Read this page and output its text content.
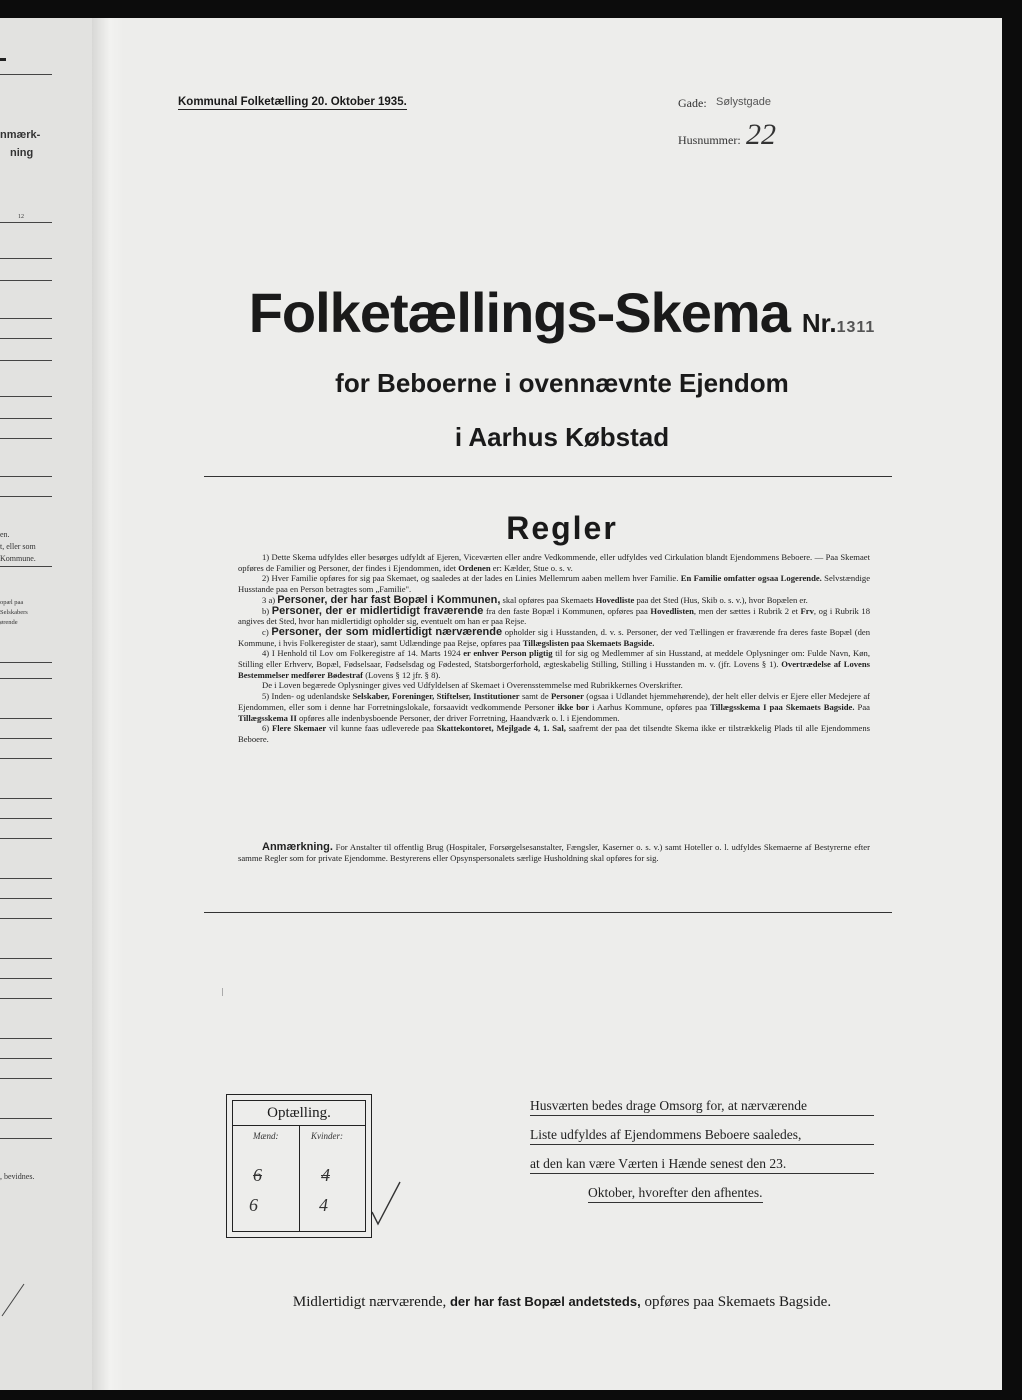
nmærk-
ning
12
en.
t, eller som
Kommune.
opæl paa
Selskabers
ørende
, bevidnes.
Kommunal Folketælling 20. Oktober 1935.	Gade: Sølystgade
Husnummer: 22
Folketællings-Skema Nr.1311
for Beboerne i ovennævnte Ejendom
i Aarhus Købstad
Regler

1) Dette Skema udfyldes eller besørges udfyldt af Ejeren, Viceværten eller andre Vedkommende, eller udfyldes ved Cirkulation blandt Ejendommens Beboere. — Paa Skemaet opføres de Familier og Personer, der findes i Ejendommen, idet Ordenen er: Kælder, Stue o. s. v.

2) Hver Familie opføres for sig paa Skemaet, og saaledes at der lades en Linies Mellemrum aaben mellem hver Familie. En Familie omfatter ogsaa Logerende. Selvstændige Husstande paa en Person betragtes som „Familie".

3 a) Personer, der har fast Bopæl i Kommunen, skal opføres paa Skemaets Hovedliste paa det Sted (Hus, Skib o. s. v.), hvor Bopælen er.

b) Personer, der er midlertidigt fraværende fra den faste Bopæl i Kommunen, opføres paa Hovedlisten, men der sættes i Rubrik 2 et Frv, og i Rubrik 18 angives det Sted, hvor han midlertidigt opholder sig, eventuelt om han er paa Rejse.

c) Personer, der som midlertidigt nærværende opholder sig i Husstanden, d. v. s. Personer, der ved Tællingen er fraværende fra deres faste Bopæl (den Kommune, i hvis Folkeregister de staar), samt Udlændinge paa Rejse, opføres paa Tillægslisten paa Skemaets Bagside.

4) I Henhold til Lov om Folkeregistre af 14. Marts 1924 er enhver Person pligtig til for sig og Medlemmer af sin Husstand, at meddele Oplysninger om: Fulde Navn, Køn, Stilling eller Erhverv, Bopæl, Fødselsaar, Fødselsdag og Fødested, Statsborgerforhold, ægteskabelig Stilling, Stilling i Husstanden m. v. (jfr. Lovens § 1). Overtrædelse af Lovens Bestemmelser medfører Bødestraf (Lovens § 12 jfr. § 8).

De i Loven begærede Oplysninger gives ved Udfyldelsen af Skemaet i Overensstemmelse med Rubrikkernes Overskrifter.

5) Inden- og udenlandske Selskaber, Foreninger, Stiftelser, Institutioner samt de Personer (ogsaa i Udlandet hjemmehørende), der helt eller delvis er Ejere eller Medejere af Ejendommen, eller som i denne har Forretningslokale, forsaavidt vedkommende Personer ikke bor i Aarhus Kommune, opføres paa Tillægsskema I paa Skemaets Bagside. Paa Tillægsskema II opføres alle indenbysboende Personer, der driver Forretning, Haandværk o. l. i Ejendommen.

6) Flere Skemaer vil kunne faas udleverede paa Skattekontoret, Mejlgade 4, 1. Sal, saafremt der paa det tilsendte Skema ikke er tilstrækkelig Plads til alle Ejendommens Beboere.

Anmærkning. For Anstalter til offentlig Brug (Hospitaler, Forsørgelsesanstalter, Fængsler, Kaserner o. s. v.) samt Hoteller o. l. udfyldes Skemaerne af Bestyrerne efter samme Regler som for private Ejendomme. Bestyrerens eller Opsynspersonalets særlige Husholdning skal opføres for sig.

Optælling.
Mænd:	Kvinder:
6	4
6	4
Husværten bedes drage Omsorg for, at nærværende
Liste udfyldes af Ejendommens Beboere saaledes,
at den kan være Værten i Hænde senest den 23.
Oktober, hvorefter den afhentes.
Midlertidigt nærværende, der har fast Bopæl andetsteds, opføres paa Skemaets Bagside.
